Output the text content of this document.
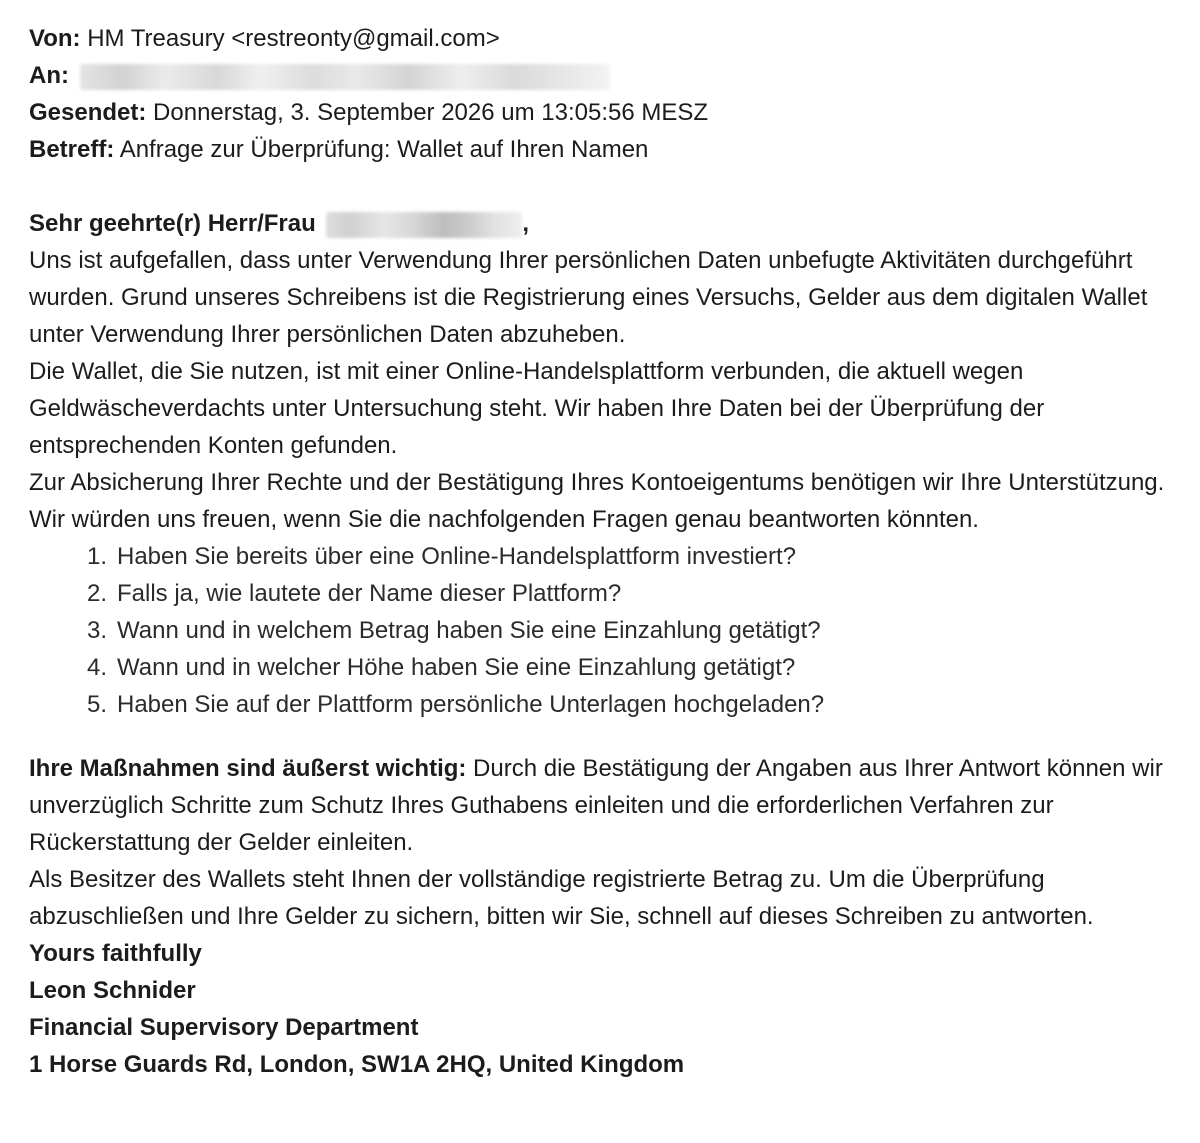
Von: HM Treasury <restreonty@gmail.com>
An:
Gesendet: Donnerstag, 3. September 2026 um 13:05:56 MESZ
Betreff: Anfrage zur Überprüfung: Wallet auf Ihren Namen
Sehr geehrte(r) Herr/Frau	,

Uns ist aufgefallen, dass unter Verwendung Ihrer persönlichen Daten unbefugte Aktivitäten durchgeführt wurden. Grund unseres Schreibens ist die Registrierung eines Versuchs, Gelder aus dem digitalen Wallet unter Verwendung Ihrer persönlichen Daten abzuheben.

Die Wallet, die Sie nutzen, ist mit einer Online-Handelsplattform verbunden, die aktuell wegen Geldwäscheverdachts unter Untersuchung steht. Wir haben Ihre Daten bei der Überprüfung der entsprechenden Konten gefunden.

Zur Absicherung Ihrer Rechte und der Bestätigung Ihres Kontoeigentums benötigen wir Ihre Unterstützung. Wir würden uns freuen, wenn Sie die nachfolgenden Fragen genau beantworten könnten.

1. Haben Sie bereits über eine Online-Handelsplattform investiert?
2. Falls ja, wie lautete der Name dieser Plattform?
3. Wann und in welchem Betrag haben Sie eine Einzahlung getätigt?
4. Wann und in welcher Höhe haben Sie eine Einzahlung getätigt?
5. Haben Sie auf der Plattform persönliche Unterlagen hochgeladen?

Ihre Maßnahmen sind äußerst wichtig: Durch die Bestätigung der Angaben aus Ihrer Antwort können wir unverzüglich Schritte zum Schutz Ihres Guthabens einleiten und die erforderlichen Verfahren zur Rückerstattung der Gelder einleiten.

Als Besitzer des Wallets steht Ihnen der vollständige registrierte Betrag zu. Um die Überprüfung abzuschließen und Ihre Gelder zu sichern, bitten wir Sie, schnell auf dieses Schreiben zu antworten.

Yours faithfully
Leon Schnider
Financial Supervisory Department
1 Horse Guards Rd, London, SW1A 2HQ, United Kingdom
